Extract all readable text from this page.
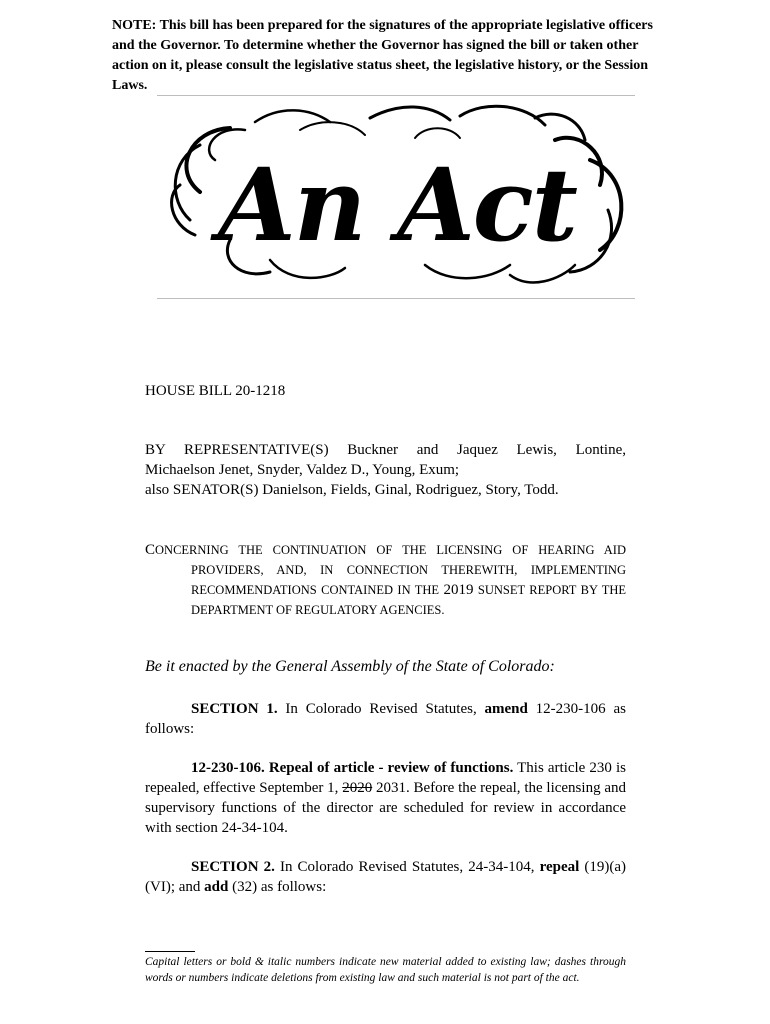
NOTE: This bill has been prepared for the signatures of the appropriate legislative officers and the Governor. To determine whether the Governor has signed the bill or taken other action on it, please consult the legislative status sheet, the legislative history, or the Session Laws.
An Act
HOUSE BILL 20-1218
BY REPRESENTATIVE(S) Buckner and Jaquez Lewis, Lontine,
Michaelson Jenet, Snyder, Valdez D., Young, Exum;
also SENATOR(S) Danielson, Fields, Ginal, Rodriguez, Story, Todd.
CONCERNING THE CONTINUATION OF THE LICENSING OF HEARING AID
PROVIDERS, AND, IN CONNECTION THEREWITH, IMPLEMENTING
RECOMMENDATIONS CONTAINED IN THE 2019 SUNSET REPORT BY THE
DEPARTMENT OF REGULATORY AGENCIES.
Be it enacted by the General Assembly of the State of Colorado:
SECTION 1. In Colorado Revised Statutes, amend 12-230-106 as follows:
12-230-106. Repeal of article - review of functions. This article 230 is repealed, effective September 1, 2020 2031. Before the repeal, the licensing and supervisory functions of the director are scheduled for review in accordance with section 24-34-104.
SECTION 2. In Colorado Revised Statutes, 24-34-104, repeal (19)(a)(VI); and add (32) as follows:
Capital letters or bold & italic numbers indicate new material added to existing law; dashes through words or numbers indicate deletions from existing law and such material is not part of the act.
